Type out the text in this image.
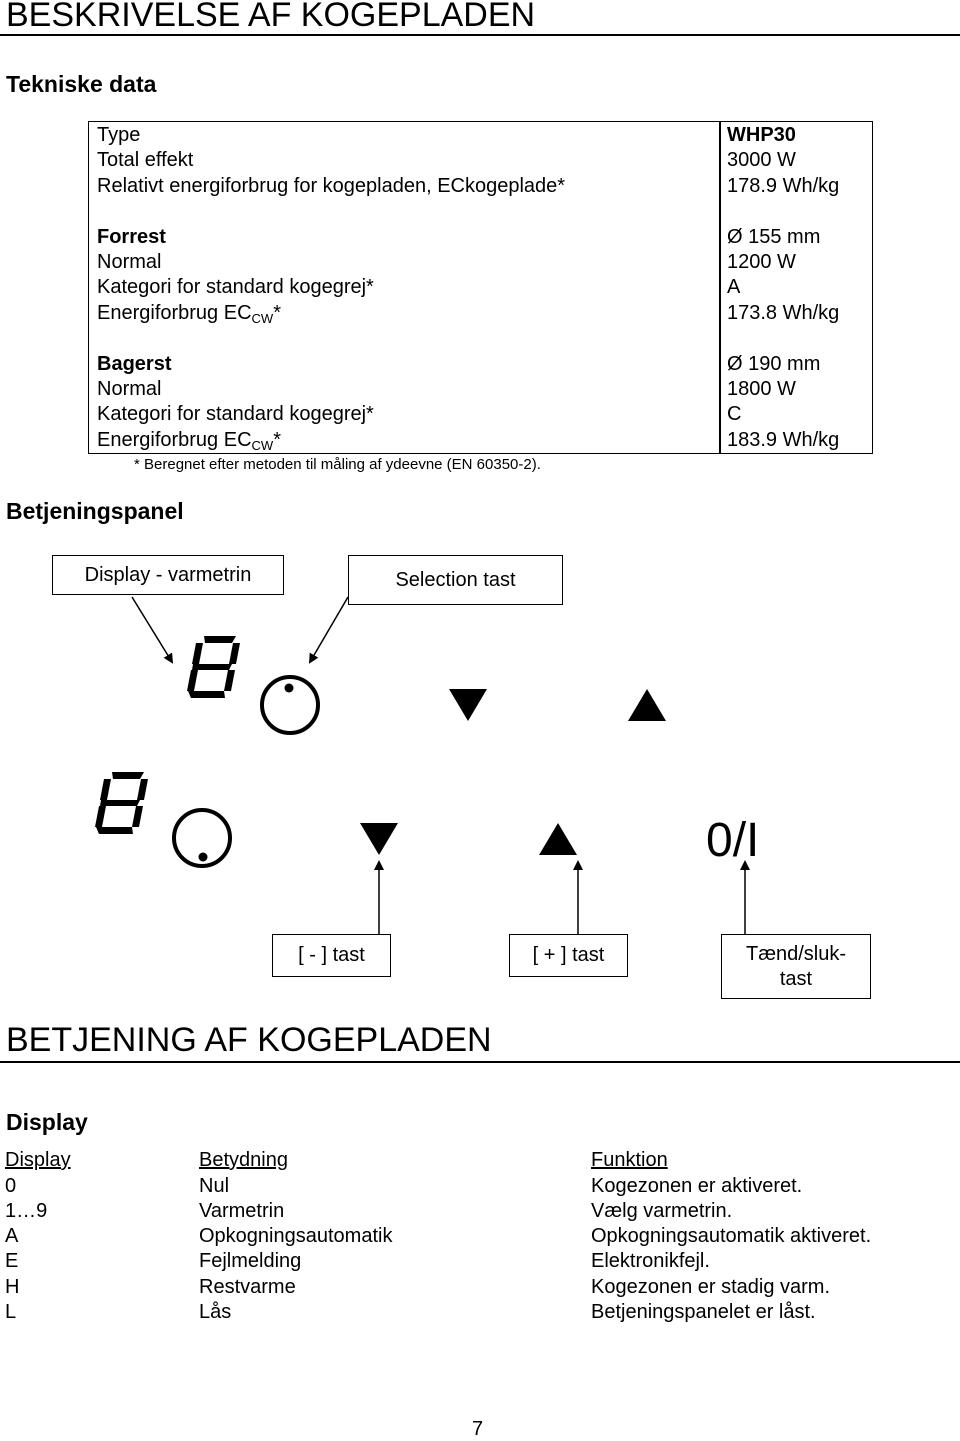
BESKRIVELSE AF KOGEPLADEN
Tekniske data
Type	WHP30
Total effekt	3000 W
Relativt energiforbrug for kogepladen, ECkogeplade*	178.9 Wh/kg
Forrest	Ø 155 mm
Normal	1200 W
Kategori for standard kogegrej*	A
Energiforbrug $EC_{CW}*$	173.8 Wh/kg
Bagerst	Ø 190 mm
Normal	1800 W
Kategori for standard kogegrej*	C
Energiforbrug $EC_{CW}*$	183.9 Wh/kg
* Beregnet efter metoden til måling af ydeevne (EN 60350-2).
Betjeningspanel
Display - varmetrin	Selection tast
0/I
[ - ] tast	[ + ] tast	Tænd/sluk-
tast
BETJENING AF KOGEPLADEN
Display
Display	Betydning	Funktion
0	Nul	Kogezonen er aktiveret.
1…9	Varmetrin	Vælg varmetrin.
A	Opkogningsautomatik	Opkogningsautomatik aktiveret.
E	Fejlmelding	Elektronikfejl.
H	Restvarme	Kogezonen er stadig varm.
L	Lås	Betjeningspanelet er låst.
7
